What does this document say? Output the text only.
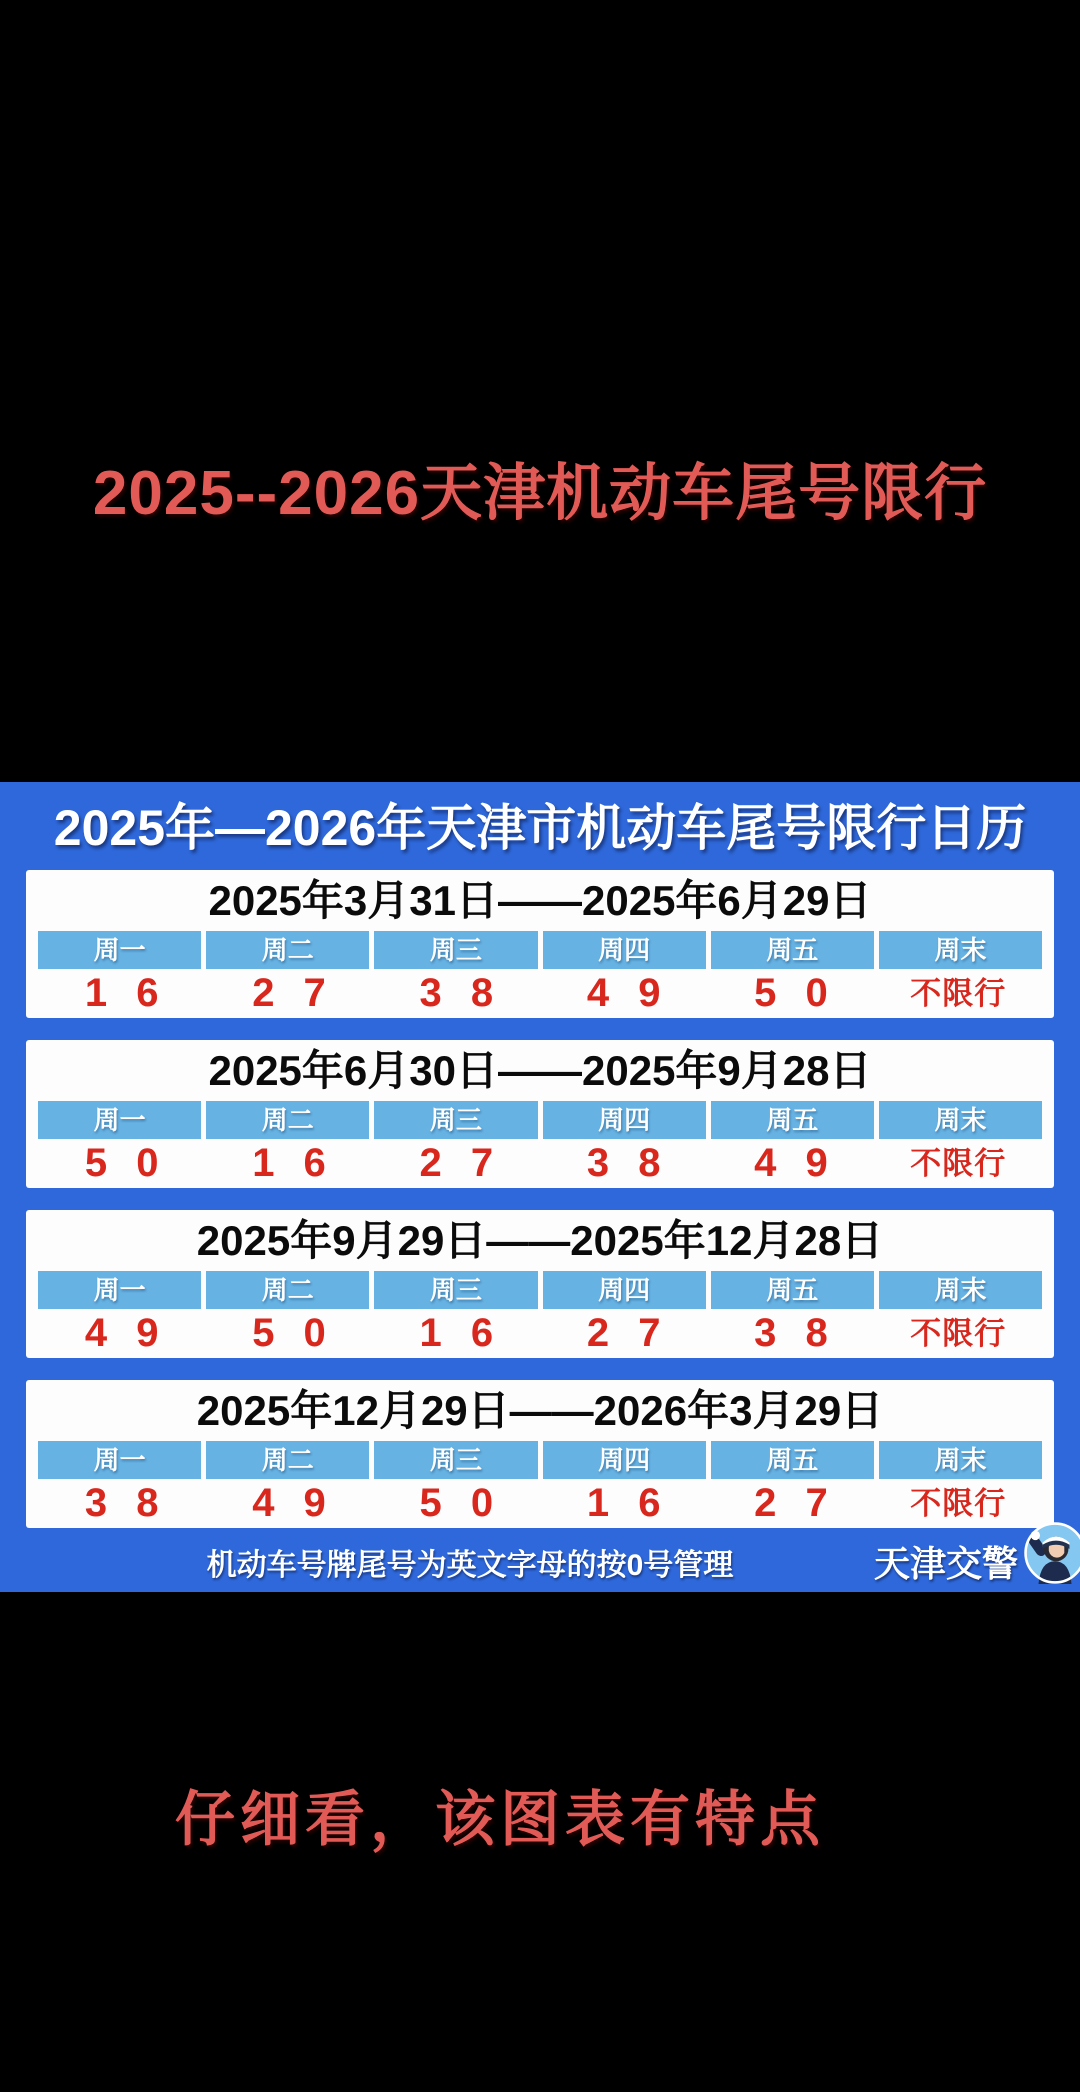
2025--2026天津机动车尾号限行
2025年—2026年天津市机动车尾号限行日历
2025年3月31日——2025年6月29日
周一	周二	周三	周四	周五	周末
1 6	2 7	3 8	4 9	5 0	不限行
2025年6月30日——2025年9月28日
周一	周二	周三	周四	周五	周末
5 0	1 6	2 7	3 8	4 9	不限行
2025年9月29日——2025年12月28日
周一	周二	周三	周四	周五	周末
4 9	5 0	1 6	2 7	3 8	不限行
2025年12月29日——2026年3月29日
周一	周二	周三	周四	周五	周末
3 8	4 9	5 0	1 6	2 7	不限行
机动车号牌尾号为英文字母的按0号管理	天津交警
仔细看，该图表有特点
